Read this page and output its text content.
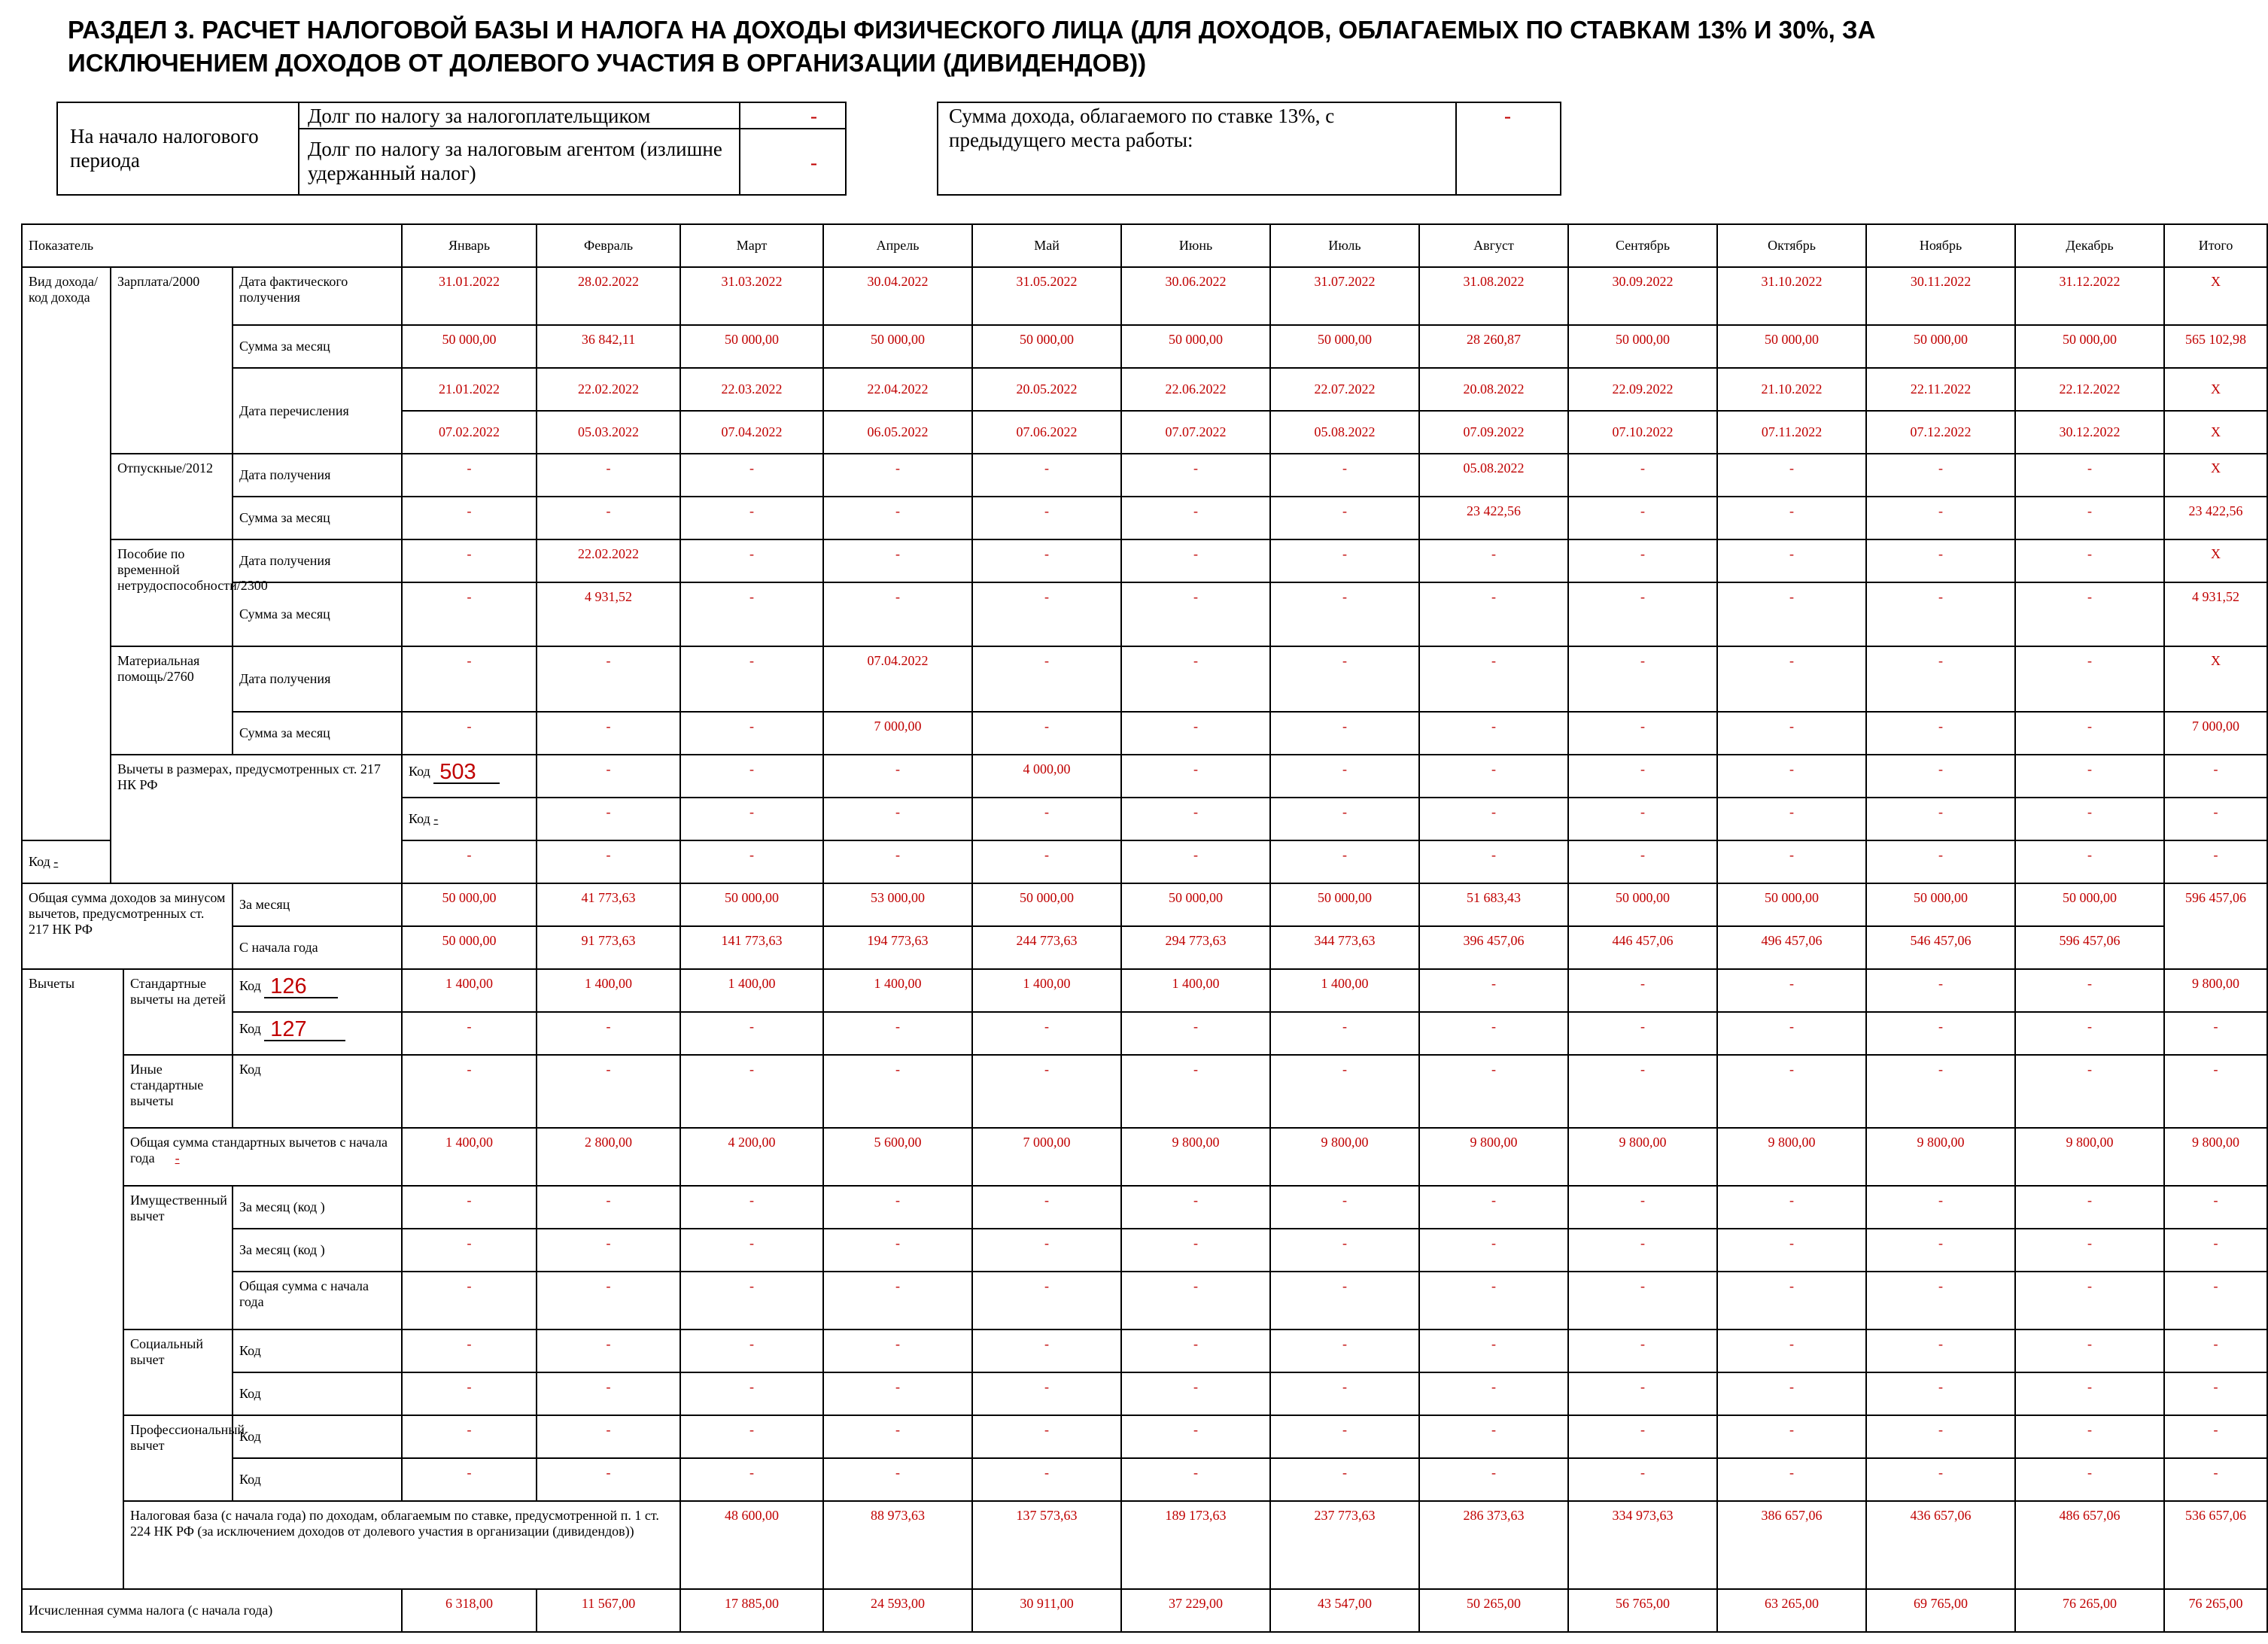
РАЗДЕЛ 3. РАСЧЕТ НАЛОГОВОЙ БАЗЫ И НАЛОГА НА ДОХОДЫ ФИЗИЧЕСКОГО ЛИЦА (ДЛЯ ДОХОДОВ, ОБЛАГАЕМЫХ ПО СТАВКАМ 13% И 30%, ЗА ИСКЛЮЧЕНИЕМ ДОХОДОВ ОТ ДОЛЕВОГО УЧАСТИЯ В ОРГАНИЗАЦИИ (ДИВИДЕНДОВ))
На начало налогового периода
Долг по налогу за налогоплательщиком	-
Долг по налогу за налоговым агентом (излишне удержанный налог)	-
Сумма дохода, облагаемого по ставке 13%, с предыдущего места работы:
-
Показатель				Январь	Февраль	Март	Апрель	Май	Июнь	Июль	Август	Сентябрь	Октябрь	Ноябрь	Декабрь	Итого	
Вид дохода/код дохода	Зарплата/2000		Дата фактического получения	31.01.2022	28.02.2022	31.03.2022	30.04.2022	31.05.2022	30.06.2022	31.07.2022	31.08.2022	30.09.2022	31.10.2022	30.11.2022	31.12.2022	Х	
			Сумма за месяц	50 000,00	36 842,11	50 000,00	50 000,00	50 000,00	50 000,00	50 000,00	28 260,87	50 000,00	50 000,00	50 000,00	50 000,00	565 102,98	
			Дата перечисления	21.01.2022	22.02.2022	22.03.2022	22.04.2022	20.05.2022	22.06.2022	22.07.2022	20.08.2022	22.09.2022	21.10.2022	22.11.2022	22.12.2022	Х	
				07.02.2022	05.03.2022	07.04.2022	06.05.2022	07.06.2022	07.07.2022	05.08.2022	07.09.2022	07.10.2022	07.11.2022	07.12.2022	30.12.2022	Х	
	Отпускные/2012		Дата получения	-	-	-	-	-	-	-	05.08.2022	-	-	-	-	Х	
			Сумма за месяц	-	-	-	-	-	-	-	23 422,56	-	-	-	-	23 422,56	
	Пособие по временной нетрудоспособности/2300		Дата получения	-	22.02.2022	-	-	-	-	-	-	-	-	-	-	Х	
			Сумма за месяц	-	4 931,52	-	-	-	-	-	-	-	-	-	-	4 931,52	
	Материальная помощь/2760		Дата получения	-	-	-	07.04.2022	-	-	-	-	-	-	-	-	Х	
			Сумма за месяц	-	-	-	7 000,00	-	-	-	-	-	-	-	-	7 000,00	
	Вычеты в размерах, предусмотренных ст. 217 НК РФ			Код 503	-	-	-	4 000,00	-	-	-	-	-	-	-	-	
				Код -	-	-	-	-	-	-	-	-	-	-	-	-	
Код -				-	-	-	-	-	-	-	-	-	-	-	-	-	
Общая сумма доходов за минусом вычетов, предусмотренных ст. 217 НК РФ			За месяц	50 000,00	41 773,63	50 000,00	53 000,00	50 000,00	50 000,00	50 000,00	51 683,43	50 000,00	50 000,00	50 000,00	50 000,00	596 457,06	
			С начала года	50 000,00	91 773,63	141 773,63	194 773,63	244 773,63	294 773,63	344 773,63	396 457,06	446 457,06	496 457,06	546 457,06	596 457,06		
Вычеты		Стандартные вычеты на детей	Код 126	1 400,00	1 400,00	1 400,00	1 400,00	1 400,00	1 400,00	1 400,00	-	-	-	-	-	9 800,00	
			Код 127	-	-	-	-	-	-	-	-	-	-	-	-	-	
		Иные стандартные вычеты	Код	-	-	-	-	-	-	-	-	-	-	-	-	-	
		Общая сумма стандартных вычетов с начала года -		1 400,00	2 800,00	4 200,00	5 600,00	7 000,00	9 800,00	9 800,00	9 800,00	9 800,00	9 800,00	9 800,00	9 800,00	9 800,00	
		Имущественный вычет	За месяц (код )	-	-	-	-	-	-	-	-	-	-	-	-	-	
			За месяц (код )	-	-	-	-	-	-	-	-	-	-	-	-	-	
			Общая сумма с начала года	-	-	-	-	-	-	-	-	-	-	-	-	-	
		Социальный вычет	Код	-	-	-	-	-	-	-	-	-	-	-	-	-	
			Код	-	-	-	-	-	-	-	-	-	-	-	-	-	
		Профессиональный вычет	Код	-	-	-	-	-	-	-	-	-	-	-	-	-	
			Код	-	-	-	-	-	-	-	-	-	-	-	-	-	
		Налоговая база (с начала года) по доходам, облагаемым по ставке, предусмотренной п. 1 ст. 224 НК РФ (за исключением доходов от долевого участия в организации (дивидендов))				48 600,00	88 973,63	137 573,63	189 173,63	237 773,63	286 373,63	334 973,63	386 657,06	436 657,06	486 657,06	536 657,06		
Исчисленная сумма налога (с начала года)				6 318,00	11 567,00	17 885,00	24 593,00	30 911,00	37 229,00	43 547,00	50 265,00	56 765,00	63 265,00	69 765,00	76 265,00	76 265,00	
